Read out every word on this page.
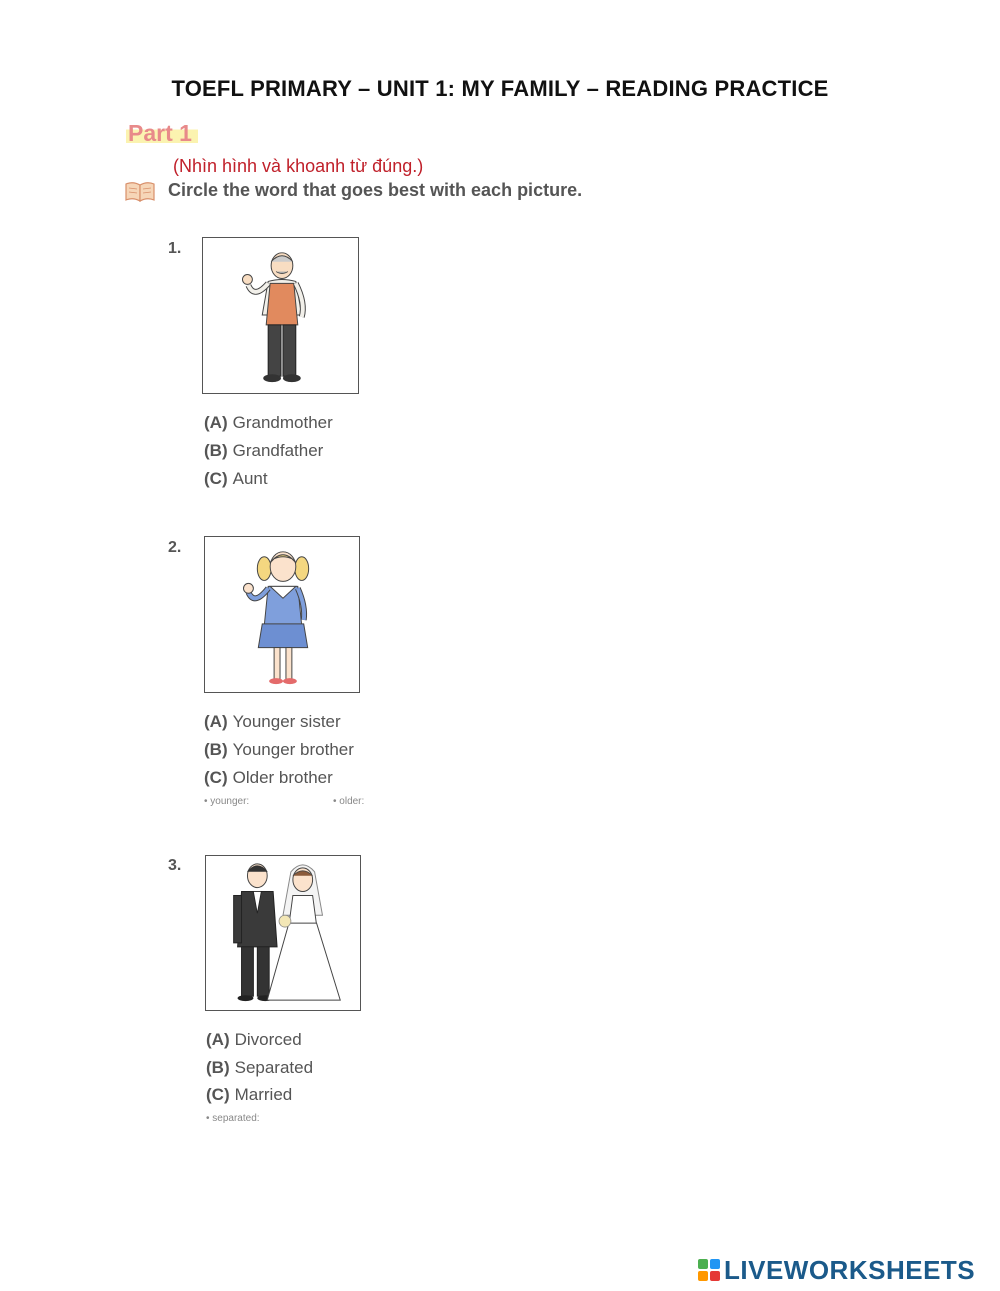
TOEFL PRIMARY – UNIT 1: MY FAMILY – READING PRACTICE
Part 1
(Nhìn hình và khoanh từ đúng.)
Circle the word that goes best with each picture.
1.
(A) Grandmother
(B) Grandfather
(C) Aunt
2.
(A) Younger sister
(B) Younger brother
(C) Older brother
• younger:	• older:
3.
(A) Divorced
(B) Separated
(C) Married
• separated:
LIVEWORKSHEETS
